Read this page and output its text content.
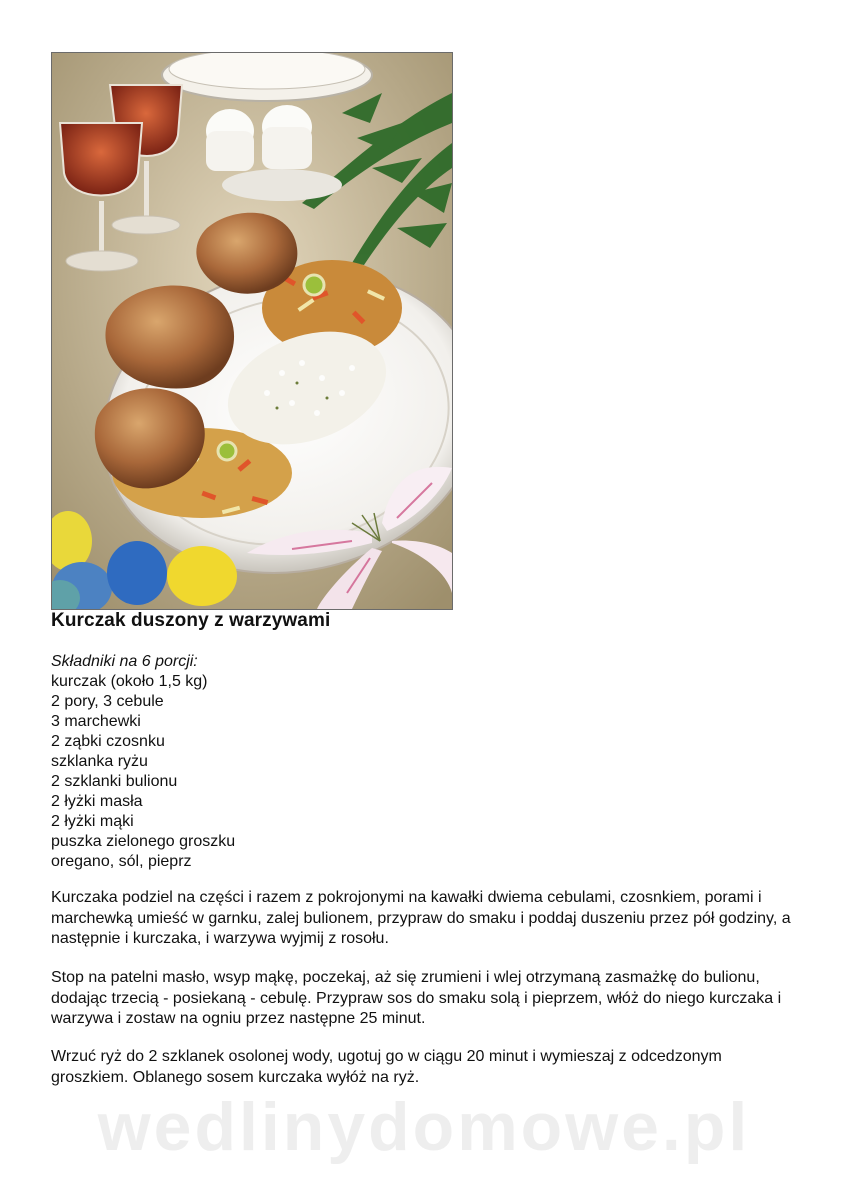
Kurczak duszony z warzywami
Składniki na 6 porcji:
kurczak (około 1,5 kg)
2 pory, 3 cebule
3 marchewki
2 ząbki czosnku
szklanka ryżu
2 szklanki bulionu
2 łyżki masła
2 łyżki mąki
puszka zielonego groszku
oregano, sól, pieprz

Kurczaka podziel na części i razem z pokrojonymi na kawałki dwiema cebulami, czosnkiem, porami i marchewką umieść w garnku, zalej bulionem, przypraw do smaku i poddaj duszeniu przez pół godziny, a następnie i kurczaka, i warzywa wyjmij z rosołu.

Stop na patelni masło, wsyp mąkę, poczekaj, aż się zrumieni i wlej otrzymaną zasmażkę do bulionu, dodając trzecią - posiekaną - cebulę. Przypraw sos do smaku solą i pieprzem, włóż do niego kurczaka i warzywa i zostaw na ogniu przez następne 25 minut.

Wrzuć ryż do 2 szklanek osolonej wody, ugotuj go w ciągu 20 minut i wymieszaj z odcedzonym groszkiem. Oblanego sosem kurczaka wyłóż na ryż.

wedlinydomowe.pl
